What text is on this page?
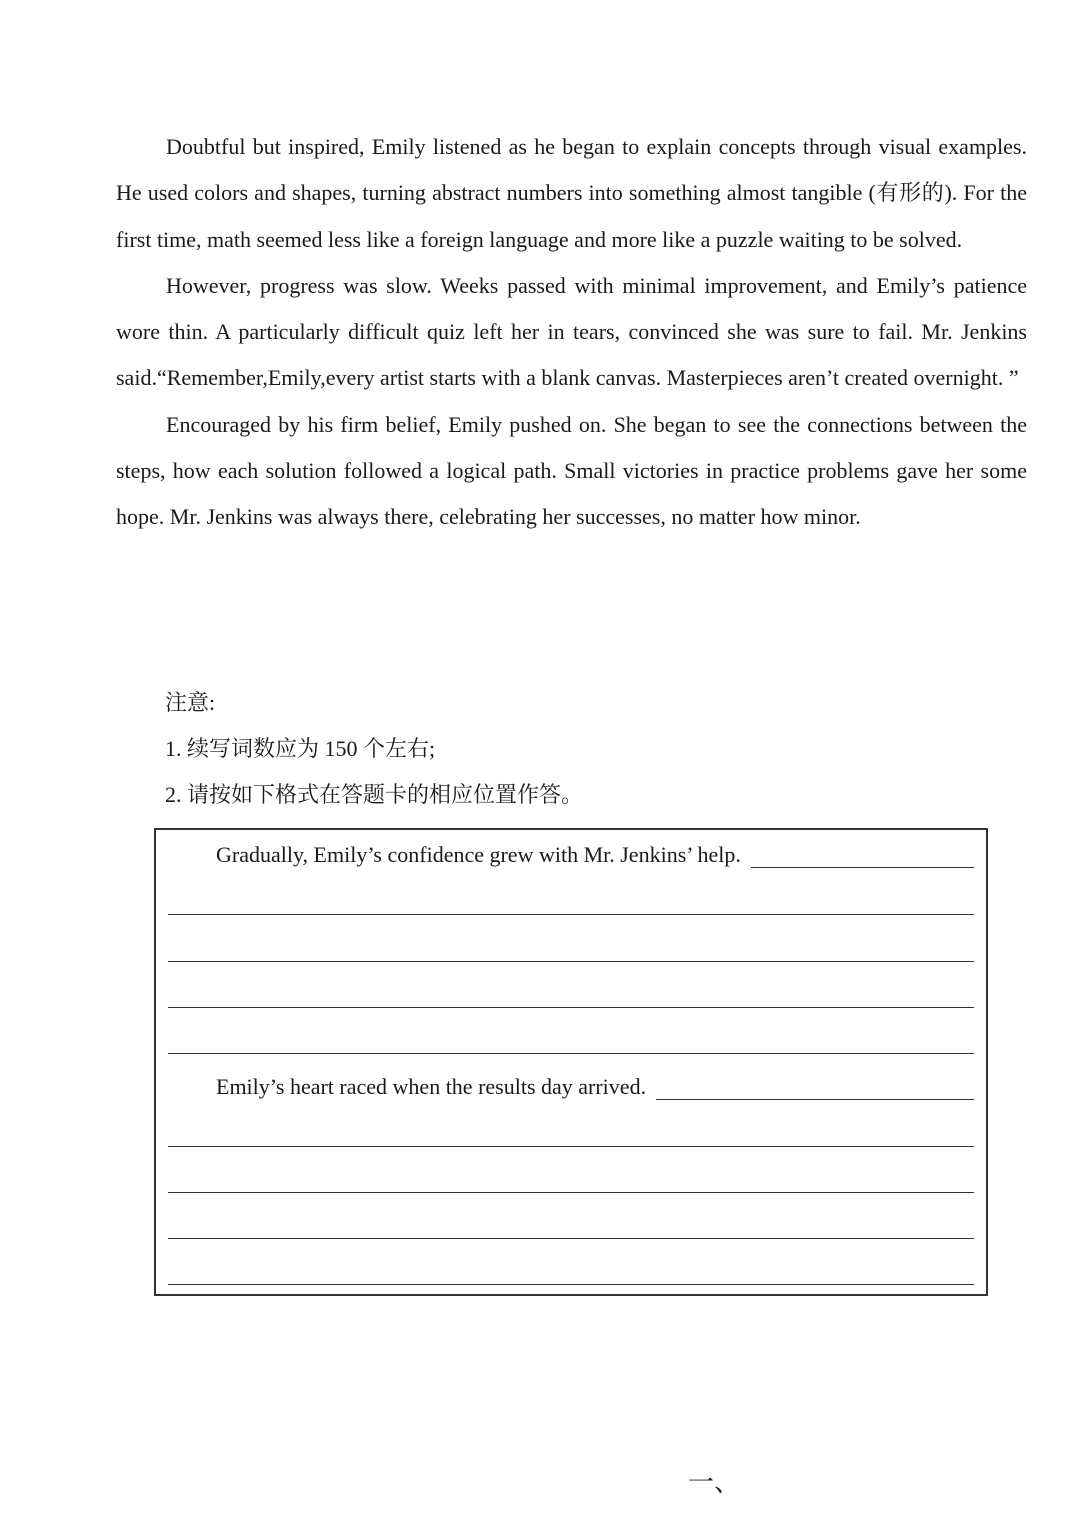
Doubtful but inspired, Emily listened as he began to explain concepts through visual examples. He used colors and shapes, turning abstract numbers into something almost tangible (有形的). For the first time, math seemed less like a foreign language and more like a puzzle waiting to be solved.

However, progress was slow. Weeks passed with minimal improvement, and Emily’s patience wore thin. A particularly difficult quiz left her in tears, convinced she was sure to fail. Mr. Jenkins said.“Remember,Emily,every artist starts with a blank canvas. Masterpieces aren’t created overnight. ”

Encouraged by his firm belief, Emily pushed on. She began to see the connections between the steps, how each solution followed a logical path. Small victories in practice problems gave her some hope. Mr. Jenkins was always there, celebrating her successes, no matter how minor.

注意:
1. 续写词数应为 150 个左右;
2. 请按如下格式在答题卡的相应位置作答。
Gradually, Emily’s confidence grew with Mr. Jenkins’ help.
Emily’s heart raced when the results day arrived.
一、
